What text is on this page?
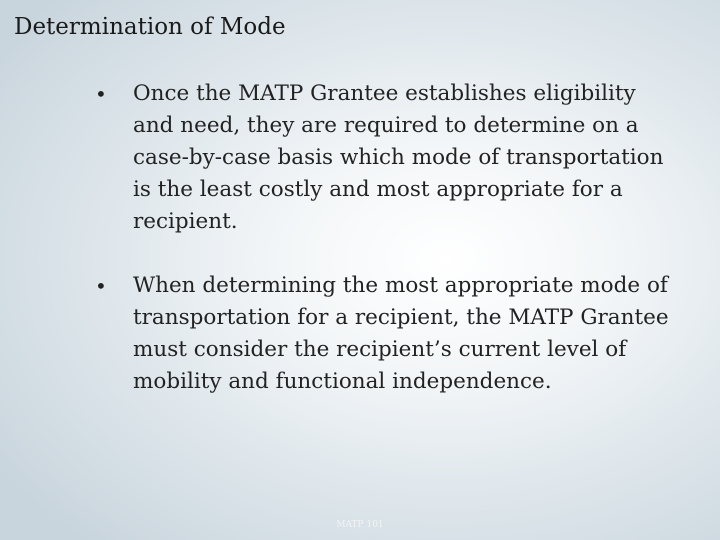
Determination of Mode
• Once the MATP Grantee establishes eligibility and need, they are required to determine on a case-by-case basis which mode of transportation is the least costly and most appropriate for a recipient.
• When determining the most appropriate mode of transportation for a recipient, the MATP Grantee must consider the recipient’s current level of mobility and functional independence.
MATP 101
